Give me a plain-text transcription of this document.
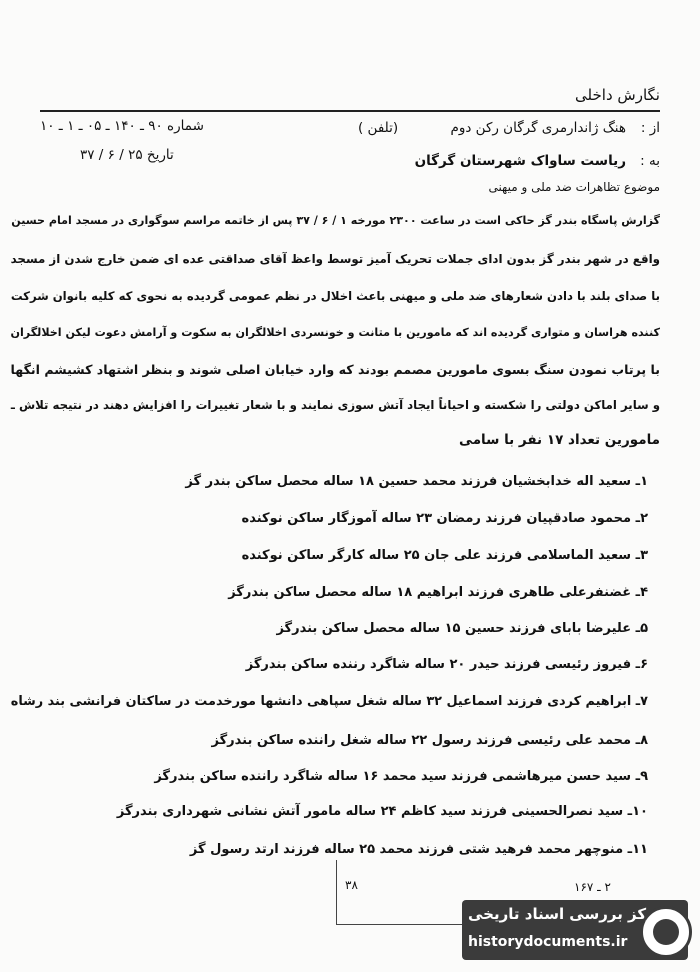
نگارش داخلی
از :
هنگ ژاندارمری گرگان رکن دوم
(تلفن )
شماره ۹۰ ـ ۱۴۰ ـ ۰۵ ـ ۱ ـ ۱۰
تاریخ ۲۵ / ۶ / ۳۷	به :
ریاست ساواک شهرستان گرگان
موضوع تظاهرات ضد ملی و میهنی
گزارش پاسگاه بندر گز حاکی است در ساعت ۲۳۰۰ مورخه ۱ / ۶ / ۳۷ پس از خاتمه مراسم سوگواری در مسجد امام حسین
واقع در شهر بندر گز بدون ادای جملات تحریک آمیز توسط واعظ آقای صداقتی عده ای ضمن خارج شدن از مسجد
با صدای بلند با دادن شعارهای ضد ملی و میهنی باعث اخلال در نظم عمومی گردیده به نحوی که کلیه بانوان شرکت
کننده هراسان و متواری گردیده اند که مامورین با متانت و خونسردی اخلالگران به سکوت و آرامش دعوت لیکن اخلالگران
با پرتاب نمودن سنگ بسوی مامورین مصمم بودند که وارد خیابان اصلی شوند و بنظر اشتهاد کشیشم انگها
و سایر اماکن دولتی را شکسته و احیاناً ایجاد آتش سوزی نمایند و با شعار تغییرات را افزایش دهند در نتیجه تلاش ـ
مامورین تعداد ۱۷ نفر با سامی
۱ـ سعید اله خدابخشیان فرزند محمد حسین ۱۸ ساله محصل ساکن بندر گز
۲ـ محمود صادقپیان فرزند رمضان ۲۳ ساله آموزگار ساکن نوکنده
۳ـ سعید الماسلامی فرزند علی جان ۲۵ ساله کارگر ساکن نوکنده
۴ـ غضنفرعلی طاهری فرزند ابراهیم ۱۸ ساله محصل ساکن بندرگز
۵ـ علیرضا بابای فرزند حسین ۱۵ ساله محصل ساکن بندرگز
۶ـ فیروز رئیسی فرزند حیدر ۲۰ ساله شاگرد رننده ساکن بندرگز
۷ـ ابراهیم کردی فرزند اسماعیل ۳۲ ساله شغل سپاهی دانشها مورخدمت در ساکتان فرانشی بند رشاه
۸ـ محمد علی رئیسی فرزند رسول ۲۲ ساله شغل راننده ساکن بندرگز
۹ـ سید حسن میرهاشمی فرزند سید محمد ۱۶ ساله شاگرد راننده ساکن بندرگز
۱۰ـ سید نصرالحسینی فرزند سید کاظم ۲۴ ساله مامور آتش نشانی شهرداری بندرگز
۱۱ـ منوچهر محمد فرهید شتی فرزند محمد ۲۵ ساله فرزند ارتد رسول گز
۳۸	۲ ـ ۱۶۷
مرکز بررسی اسناد تاریخی
historydocuments.ir
